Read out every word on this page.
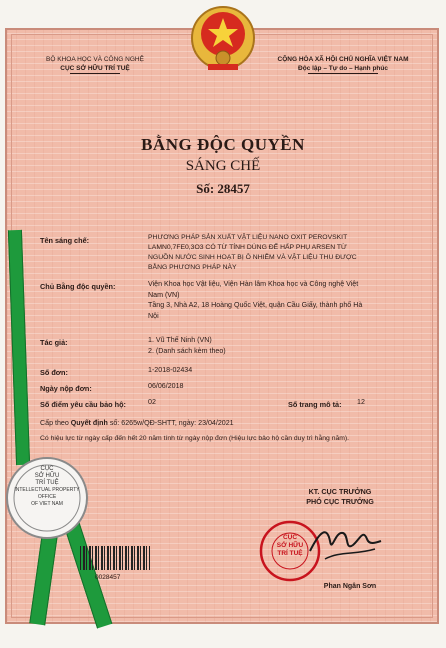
BỘ KHOA HỌC VÀ CÔNG NGHỆ
CỤC SỞ HỮU TRÍ TUỆ
CỘNG HÒA XÃ HỘI CHỦ NGHĨA VIỆT NAM
Độc lập – Tự do – Hạnh phúc
BẰNG ĐỘC QUYỀN
SÁNG CHẾ
Số: 28457
Tên sáng chế:	PHƯƠNG PHÁP SẢN XUẤT VẬT LIỆU NANO OXIT PEROVSKIT
LAMN0,7FE0,3O3 CÓ TỪ TÍNH DÙNG ĐỂ HẤP PHỤ ARSEN TỪ
NGUỒN NƯỚC SINH HOẠT BỊ Ô NHIỄM VÀ VẬT LIỆU THU ĐƯỢC
BẰNG PHƯƠNG PHÁP NÀY
Chủ Bằng độc quyền:	Viện Khoa học Vật liệu, Viện Hàn lâm Khoa học và Công nghệ Việt
Nam (VN)
Tầng 3, Nhà A2, 18 Hoàng Quốc Việt, quận Cầu Giấy, thành phố Hà
Nội
Tác giả:	1. Vũ Thế Ninh (VN)
2. (Danh sách kèm theo)
Số đơn:	1-2018-02434
Ngày nộp đơn:	06/06/2018
Số điểm yêu cầu bảo hộ:	02	Số trang mô tả: 12
Cấp theo Quyết định số: 6265w/QĐ-SHTT, ngày: 23/04/2021
Có hiệu lực từ ngày cấp đến hết 20 năm tính từ ngày nộp đơn (Hiệu lực bảo hộ cần duy trì hằng năm).
CỤC
SỞ HỮU
TRÍ TUỆ
INTELLECTUAL PROPERTY
OFFICE
OF VIET NAM
0028457
KT. CỤC TRƯỞNG
PHÓ CỤC TRƯỞNG
CỤC
SỞ HỮU
TRÍ TUỆ
Phan Ngân Sơn
